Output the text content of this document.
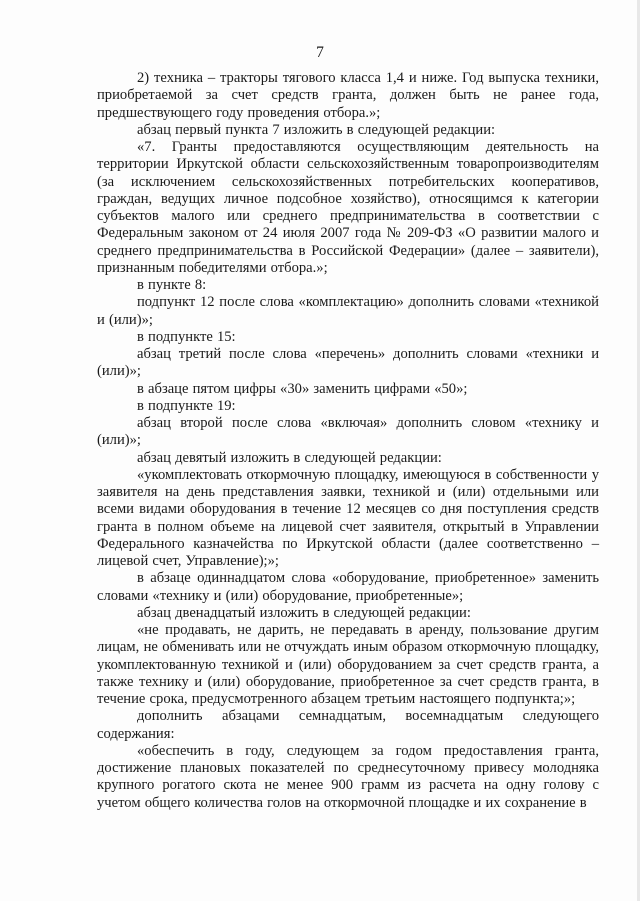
7

2) техника – тракторы тягового класса 1,4 и ниже. Год выпуска техники, приобретаемой за счет средств гранта, должен быть не ранее года, предшествующего году проведения отбора.»;

абзац первый пункта 7 изложить в следующей редакции:

«7. Гранты предоставляются осуществляющим деятельность на территории Иркутской области сельскохозяйственным товаропроизводителям (за исключением сельскохозяйственных потребительских кооперативов, граждан, ведущих личное подсобное хозяйство), относящимся к категории субъектов малого или среднего предпринимательства в соответствии с Федеральным законом от 24 июля 2007 года № 209-ФЗ «О развитии малого и среднего предпринимательства в Российской Федерации» (далее – заявители), признанным победителями отбора.»;

в пункте 8:

подпункт 12 после слова «комплектацию» дополнить словами «техникой и (или)»;

в подпункте 15:

абзац третий после слова «перечень» дополнить словами «техники и (или)»;

в абзаце пятом цифры «30» заменить цифрами «50»;

в подпункте 19:

абзац второй после слова «включая» дополнить словом «технику и (или)»;

абзац девятый изложить в следующей редакции:

«укомплектовать откормочную площадку, имеющуюся в собственности у заявителя на день представления заявки, техникой и (или) отдельными или всеми видами оборудования в течение 12 месяцев со дня поступления средств гранта в полном объеме на лицевой счет заявителя, открытый в Управлении Федерального казначейства по Иркутской области (далее соответственно – лицевой счет, Управление);»;

в абзаце одиннадцатом слова «оборудование, приобретенное» заменить словами «технику и (или) оборудование, приобретенные»;

абзац двенадцатый изложить в следующей редакции:

«не продавать, не дарить, не передавать в аренду, пользование другим лицам, не обменивать или не отчуждать иным образом откормочную площадку, укомплектованную техникой и (или) оборудованием за счет средств гранта, а также технику и (или) оборудование, приобретенное за счет средств гранта, в течение срока, предусмотренного абзацем третьим настоящего подпункта;»;

дополнить абзацами семнадцатым, восемнадцатым следующего содержания:

«обеспечить в году, следующем за годом предоставления гранта, достижение плановых показателей по среднесуточному привесу молодняка крупного рогатого скота не менее 900 грамм из расчета на одну голову с учетом общего количества голов на откормочной площадке и их сохранение в
